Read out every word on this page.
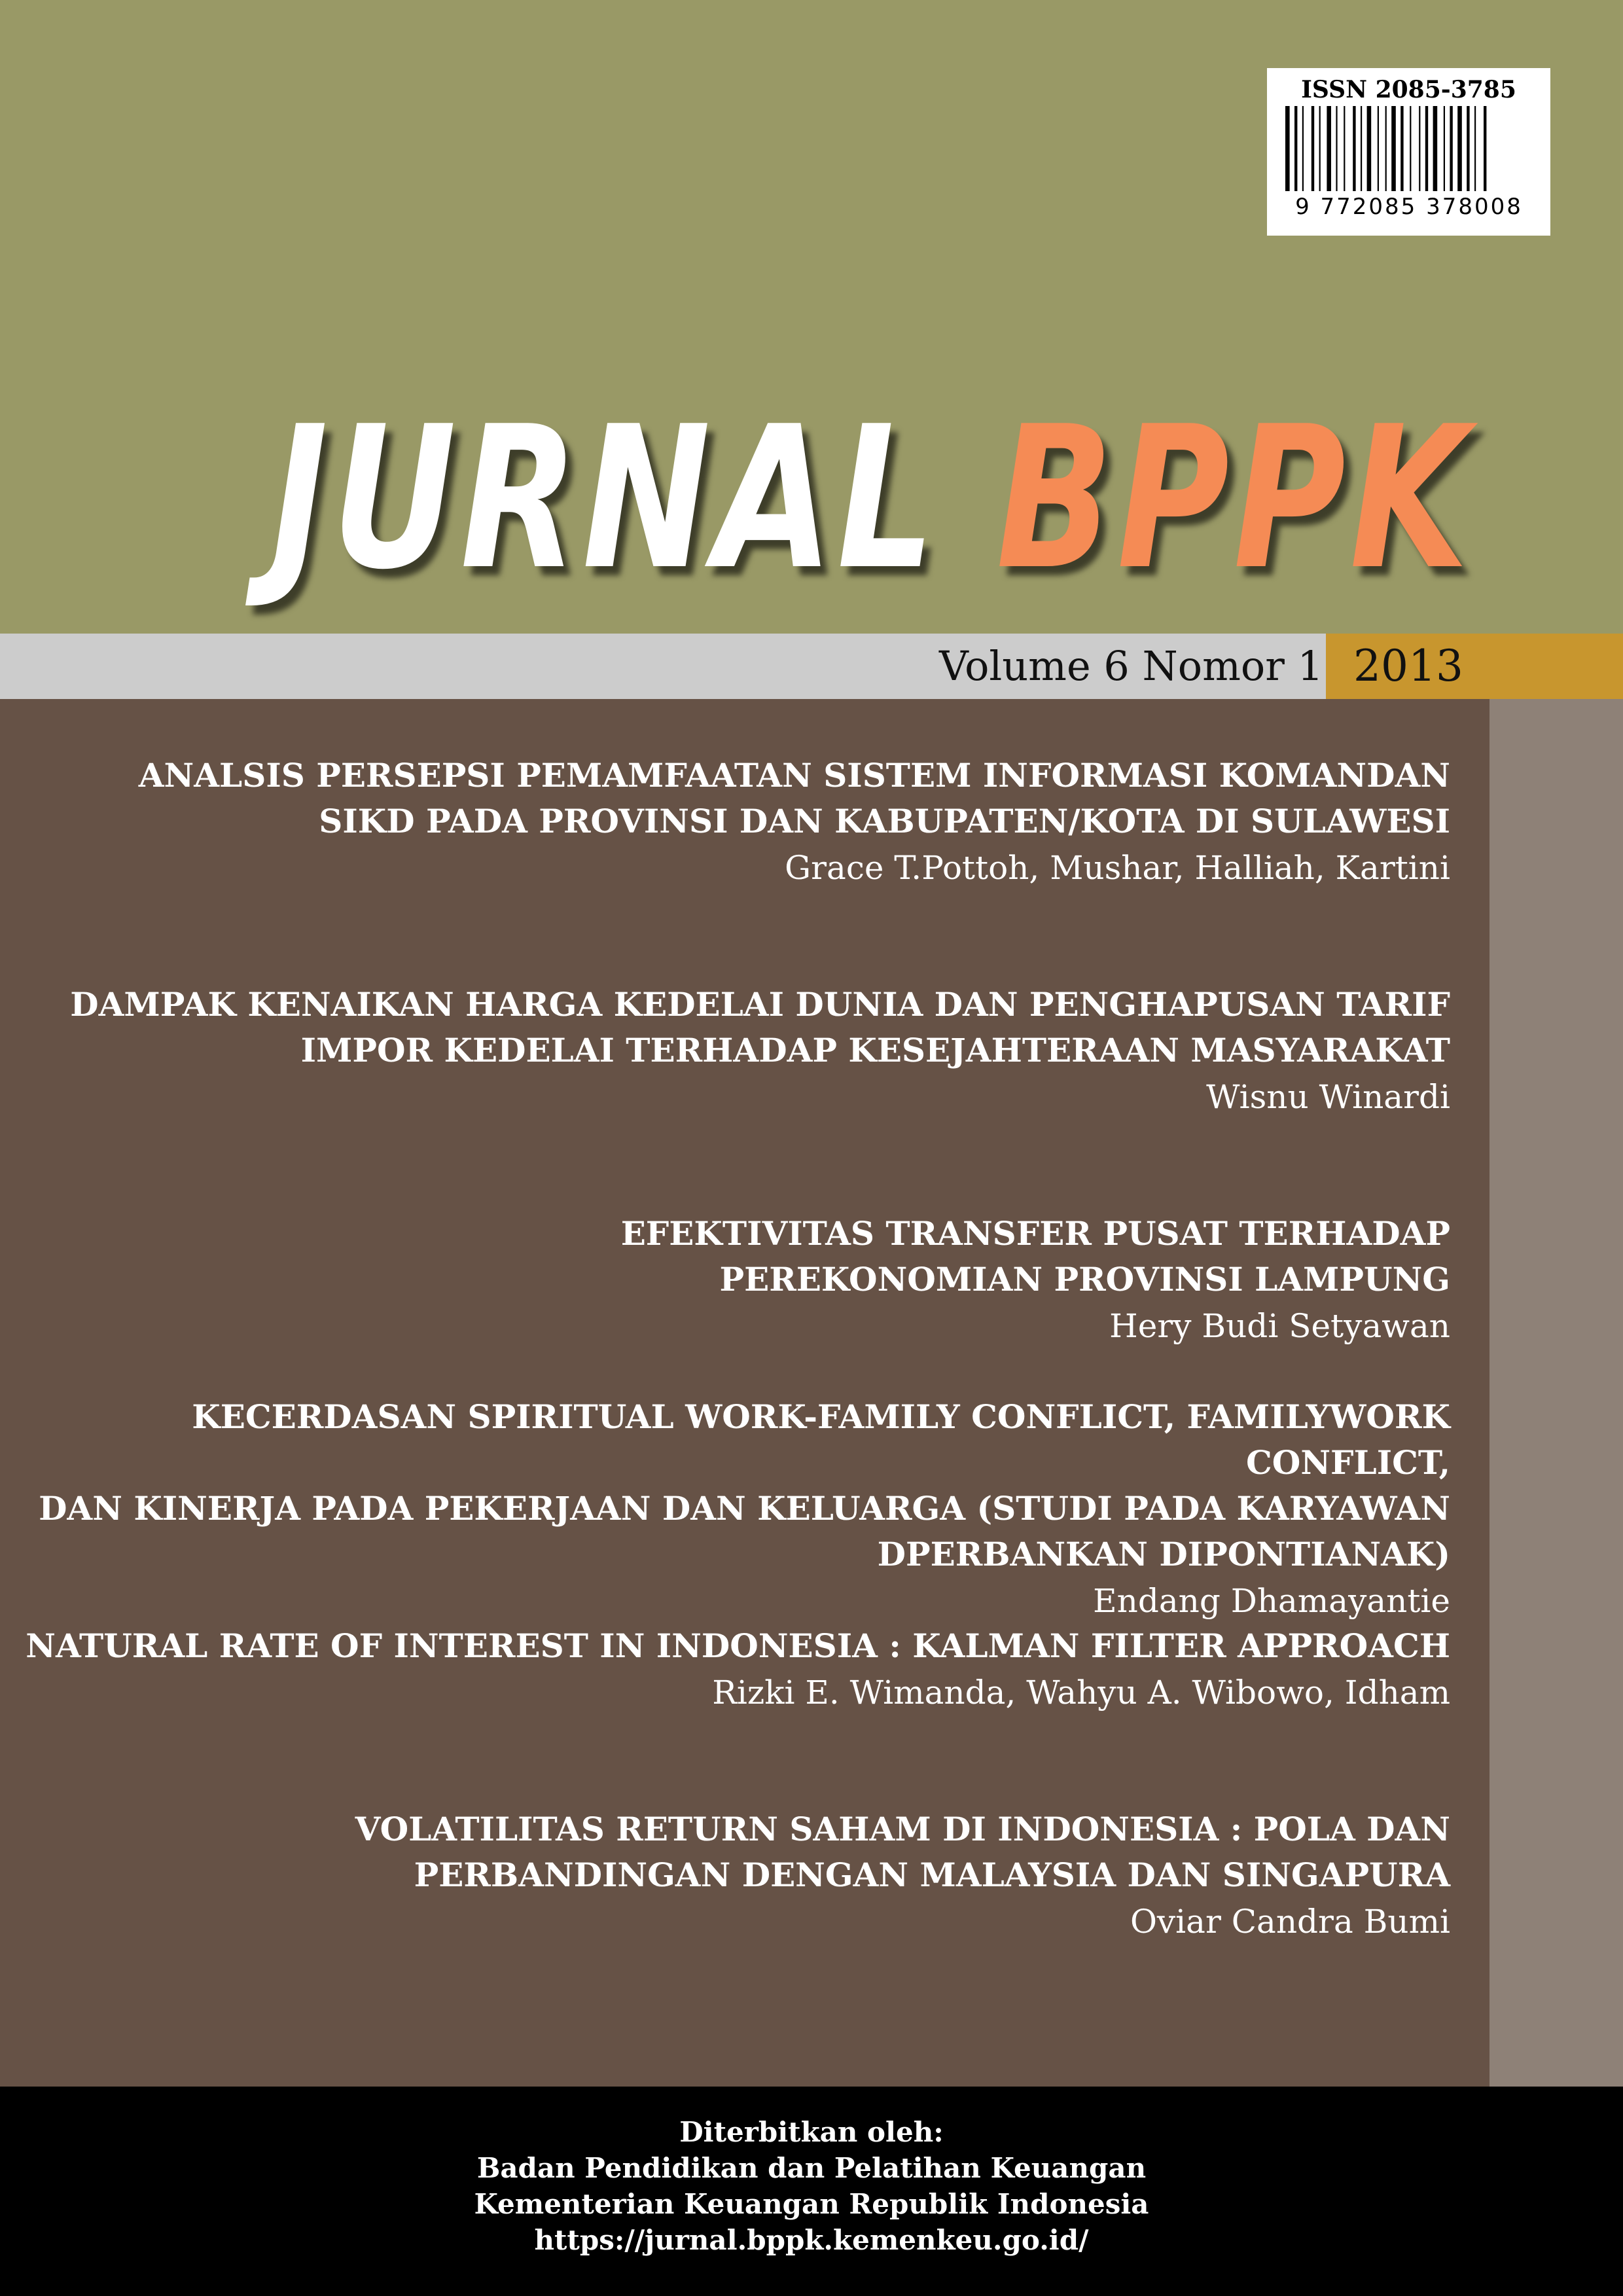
ISSN 2085-3785
9 772085 378008
JURNAL BPPK
Volume 6 Nomor 1 2013
ANALSIS PERSEPSI PEMAMFAATAN SISTEM INFORMASI KOMANDAN
SIKD PADA PROVINSI DAN KABUPATEN/KOTA DI SULAWESI
Grace T.Pottoh, Mushar, Halliah, Kartini
DAMPAK KENAIKAN HARGA KEDELAI DUNIA DAN PENGHAPUSAN TARIF
IMPOR KEDELAI TERHADAP KESEJAHTERAAN MASYARAKAT
Wisnu Winardi
EFEKTIVITAS TRANSFER PUSAT TERHADAP
PEREKONOMIAN PROVINSI LAMPUNG
Hery Budi Setyawan
KECERDASAN SPIRITUAL WORK-FAMILY CONFLICT, FAMILYWORK CONFLICT,
DAN KINERJA PADA PEKERJAAN DAN KELUARGA (STUDI PADA KARYAWAN
DPERBANKAN DIPONTIANAK)
Endang Dhamayantie
NATURAL RATE OF INTEREST IN INDONESIA : KALMAN FILTER APPROACH
Rizki E. Wimanda, Wahyu A. Wibowo, Idham
VOLATILITAS RETURN SAHAM DI INDONESIA : POLA DAN
PERBANDINGAN DENGAN MALAYSIA DAN SINGAPURA
Oviar Candra Bumi
Diterbitkan oleh:
Badan Pendidikan dan Pelatihan Keuangan
Kementerian Keuangan Republik Indonesia
https://jurnal.bppk.kemenkeu.go.id/
